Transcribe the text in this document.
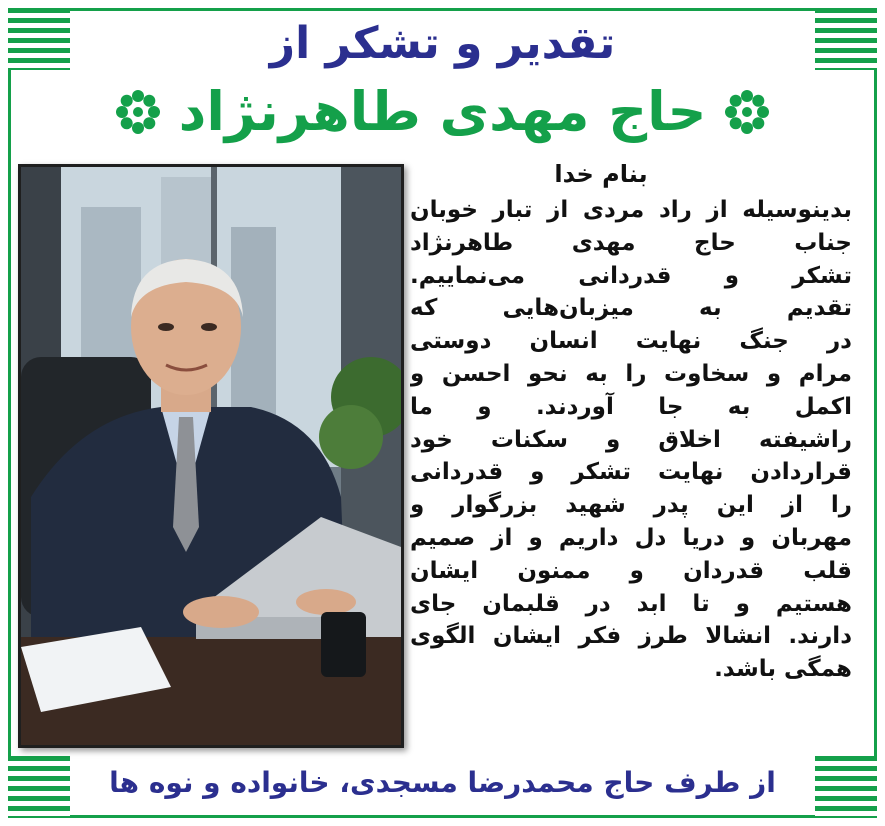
تقدیر و تشکر از
حاج مهدی طاهرنژاد
بنام خدا
بدینوسیله از راد مردی از تبار خوبان
جناب حاج مهدی طاهرنژاد
تشکر و قدردانی می‌نماییم.
تقدیم به میزبان‌هایی که
در جنگ نهایت انسان دوستی
مرام و سخاوت را به نحو احسن و
اکمل به جا آوردند. و ما
راشیفته اخلاق و سکنات خود
قراردادن نهایت تشکر و قدردانی
را از این پدر شهید بزرگوار و
مهربان و دریا دل داریم و از صمیم
قلب قدردان و ممنون ایشان
هستیم و تا ابد در قلبمان جای
دارند. انشالا طرز فکر ایشان الگوی
همگی باشد.
از طرف حاج محمدرضا مسجدی، خانواده و نوه ها
